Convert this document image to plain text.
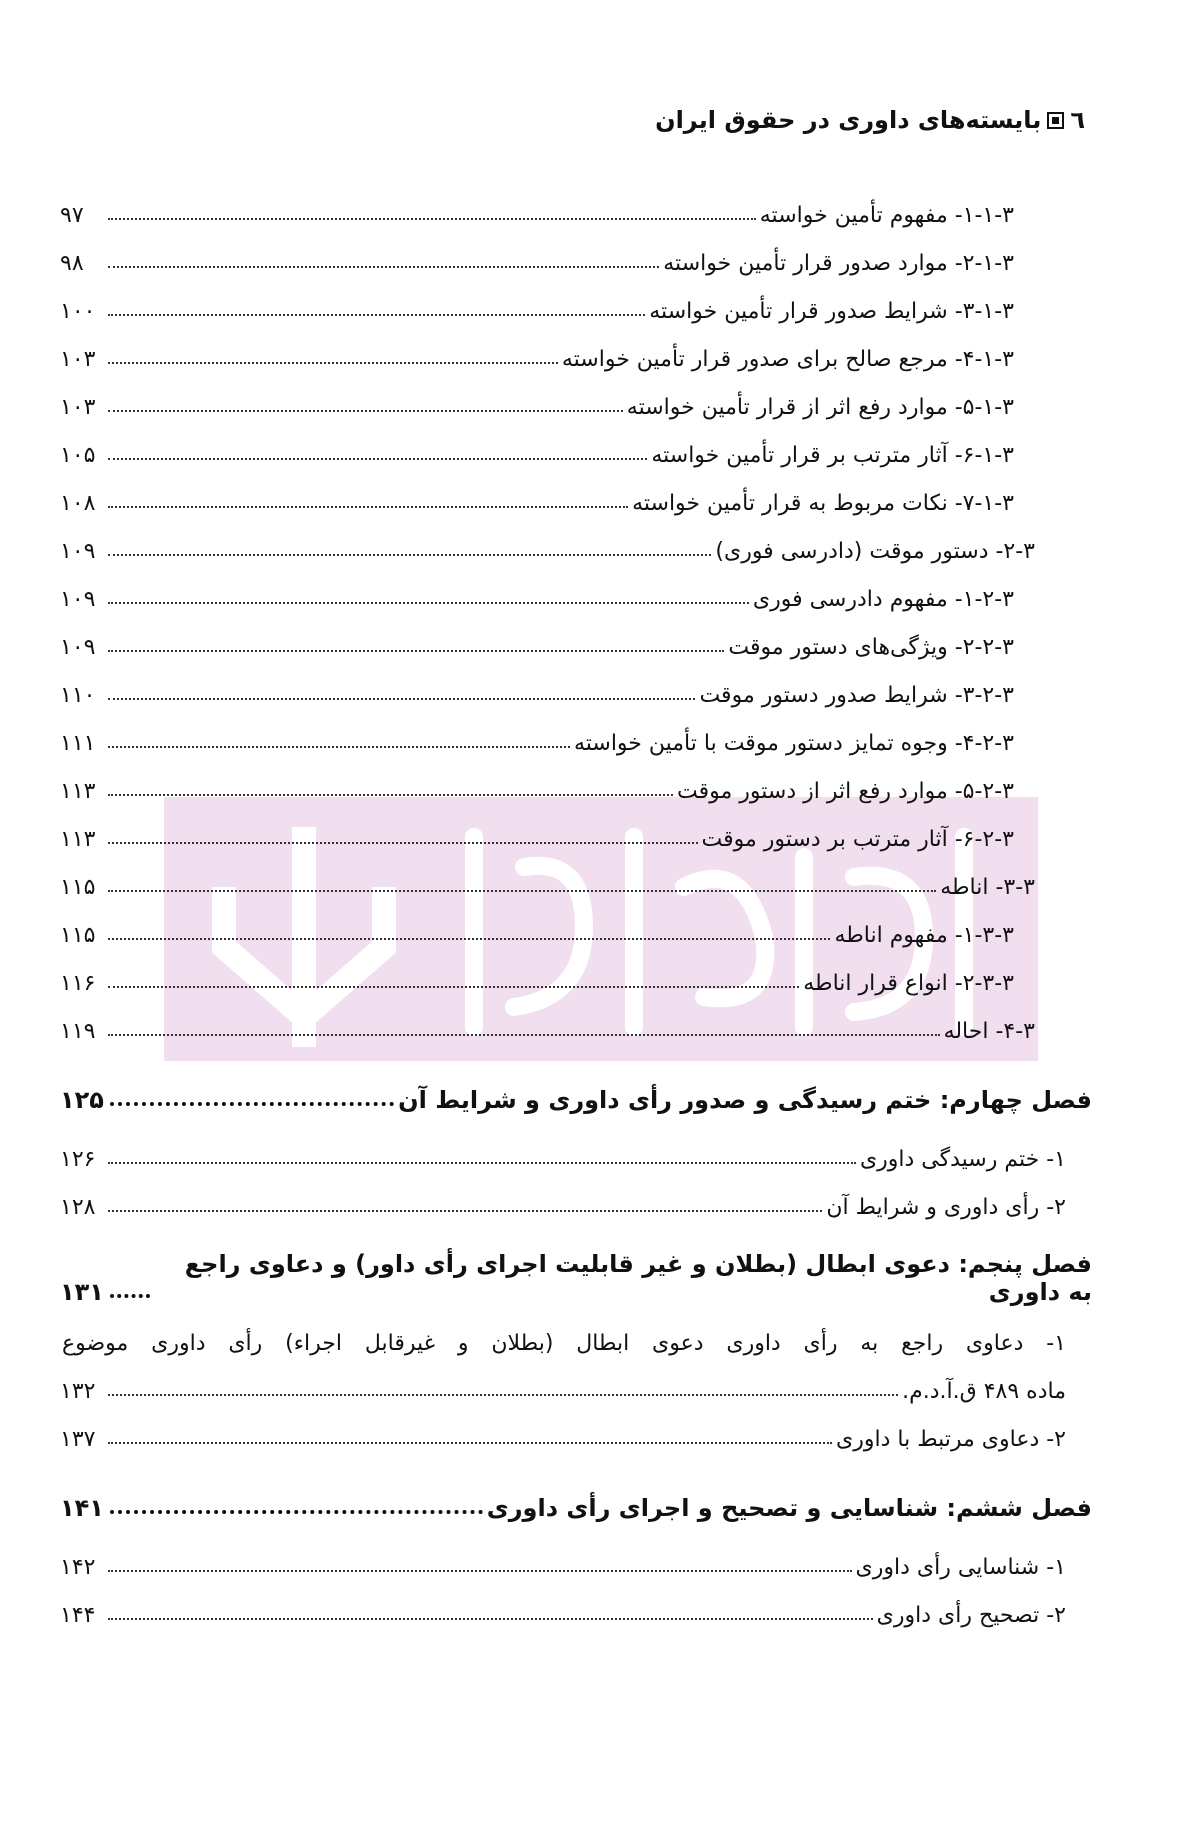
٦
بایسته‌های داوری در حقوق ایران
۱-۱-۳- مفهوم تأمین خواسته
۹۷
۲-۱-۳- موارد صدور قرار تأمین خواسته
۹۸
۳-۱-۳- شرایط صدور قرار تأمین خواسته
۱۰۰
۴-۱-۳- مرجع صالح برای صدور قرار تأمین خواسته
۱۰۳
۵-۱-۳- موارد رفع اثر از قرار تأمین خواسته
۱۰۳
۶-۱-۳- آثار مترتب بر قرار تأمین خواسته
۱۰۵
۷-۱-۳- نکات مربوط به قرار تأمین خواسته
۱۰۸
۲-۳- دستور موقت (دادرسی فوری)
۱۰۹
۱-۲-۳- مفهوم دادرسی فوری
۱۰۹
۲-۲-۳- ویژگی‌های دستور موقت
۱۰۹
۳-۲-۳- شرایط صدور دستور موقت
۱۱۰
۴-۲-۳- وجوه تمایز دستور موقت با تأمین خواسته
۱۱۱
۵-۲-۳- موارد رفع اثر از دستور موقت
۱۱۳
۶-۲-۳- آثار مترتب بر دستور موقت
۱۱۳
۳-۳- اناطه
۱۱۵
۱-۳-۳- مفهوم اناطه
۱۱۵
۲-۳-۳- انواع قرار اناطه
۱۱۶
۴-۳- احاله
۱۱۹
فصل چهارم: ختم رسیدگی و صدور رأی داوری و شرایط آن
۱۲۵
۱- ختم رسیدگی داوری
۱۲۶
۲- رأی داوری و شرایط آن
۱۲۸
فصل پنجم: دعوی ابطال (بطلان و غیر قابلیت اجرای رأی داور) و دعاوی راجع به داوری
۱۳۱
۱- دعاوی راجع به رأی داوری دعوی ابطال (بطلان و غیرقابل اجراء) رأی داوری موضوع
ماده ۴۸۹ ق.آ.د.م.
۱۳۲
۲- دعاوی مرتبط با داوری
۱۳۷
فصل ششم: شناسایی و تصحیح و اجرای رأی داوری
۱۴۱
۱- شناسایی رأی داوری
۱۴۲
۲- تصحیح رأی داوری
۱۴۴
